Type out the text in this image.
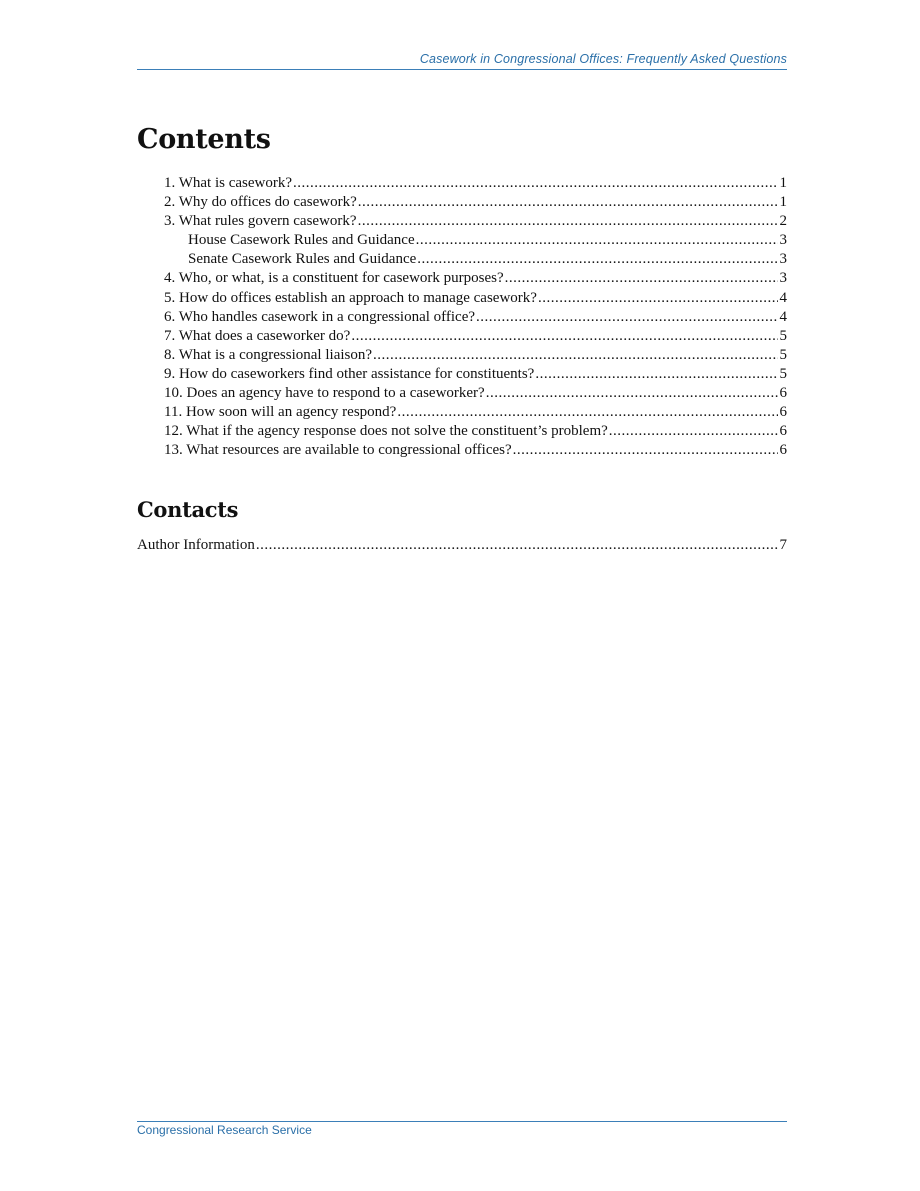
Casework in Congressional Offices: Frequently Asked Questions
Contents
1. What is casework? .....	1
2. Why do offices do casework? .....	1
3. What rules govern casework? .....	2
House Casework Rules and Guidance .....	3
Senate Casework Rules and Guidance .....	3
4. Who, or what, is a constituent for casework purposes? .....	3
5. How do offices establish an approach to manage casework? .....	4
6. Who handles casework in a congressional office? .....	4
7. What does a caseworker do? .....	5
8. What is a congressional liaison? .....	5
9. How do caseworkers find other assistance for constituents? .....	5
10. Does an agency have to respond to a caseworker? .....	6
11. How soon will an agency respond? .....	6
12. What if the agency response does not solve the constituent’s problem? .....	6
13. What resources are available to congressional offices? .....	6
Contacts
Author Information .....	7
Congressional Research Service
